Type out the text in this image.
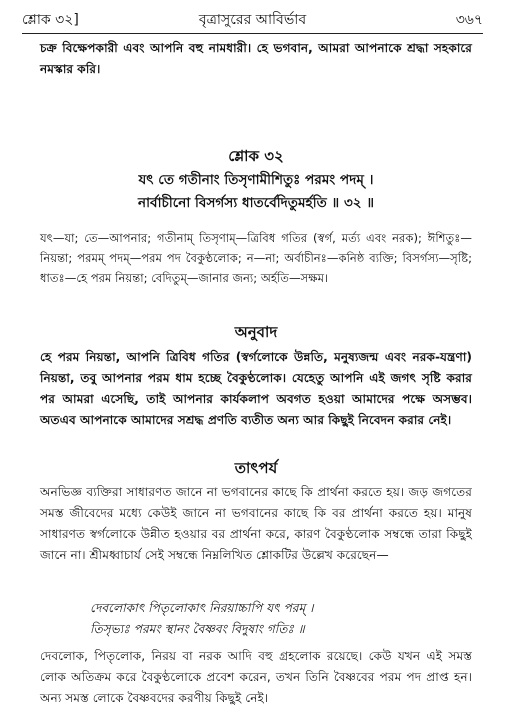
শ্লোক ৩২]	বৃত্রাসুরের আবির্ভাব	৩৬৭
চক্র বিক্ষেপকারী এবং আপনি বহু নামধারী। হে ভগবান, আমরা আপনাকে শ্রদ্ধা সহকারে নমস্কার করি।
শ্লোক ৩২
যৎ তে গতীনাং তিসৃণামীশিতুঃ পরমং পদম্ ।
নার্বাচীনো বিসর্গস্য ধাতর্বেদিতুমর্হতি ॥ ৩২ ॥
যৎ—যা; তে—আপনার; গতীনাম্ তিসৃণাম্—ত্রিবিধ গতির (স্বর্গ, মর্ত্য এবং নরক); ঈশিতুঃ—নিয়ন্তা; পরমম্ পদম্—পরম পদ বৈকুণ্ঠলোক; ন—না; অর্বাচীনঃ—কনিষ্ঠ ব্যক্তি; বিসর্গস্য—সৃষ্টি; ধাতঃ—হে পরম নিয়ন্তা; বেদিতুম্—জানার জন্য; অর্হতি—সক্ষম।
অনুবাদ
হে পরম নিয়ন্তা, আপনি ত্রিবিধ গতির (স্বর্গলোকে উন্নতি, মনুষ্যজন্ম এবং নরক-যন্ত্রণা) নিয়ন্তা, তবু আপনার পরম ধাম হচ্ছে বৈকুণ্ঠলোক। যেহেতু আপনি এই জগৎ সৃষ্টি করার পর আমরা এসেছি, তাই আপনার কার্যকলাপ অবগত হওয়া আমাদের পক্ষে অসম্ভব। অতএব আপনাকে আমাদের সশ্রদ্ধ প্রণতি ব্যতীত অন্য আর কিছুই নিবেদন করার নেই।
তাৎপর্য
অনভিজ্ঞ ব্যক্তিরা সাধারণত জানে না ভগবানের কাছে কি প্রার্থনা করতে হয়। জড় জগতের সমস্ত জীবেদের মধ্যে কেউই জানে না ভগবানের কাছে কি বর প্রার্থনা করতে হয়। মানুষ সাধারণত স্বর্গলোকে উন্নীত হওয়ার বর প্রার্থনা করে, কারণ বৈকুণ্ঠলোক সম্বন্ধে তারা কিছুই জানে না। শ্রীমধ্বাচার্য সেই সম্বন্ধে নিম্নলিখিত শ্লোকটির উল্লেখ করেছেন—
দেবলোকাৎ পিতৃলোকাৎ নিরয়াচ্চাপি যৎ পরম্ ।
তিসৃভ্যঃ পরমং স্থানং বৈষ্ণবং বিদুষাং গতিঃ ॥
দেবলোক, পিতৃলোক, নিরয় বা নরক আদি বহু গ্রহলোক রয়েছে। কেউ যখন এই সমস্ত লোক অতিক্রম করে বৈকুণ্ঠলোকে প্রবেশ করেন, তখন তিনি বৈষ্ণবের পরম পদ প্রাপ্ত হন। অন্য সমস্ত লোকে বৈষ্ণবদের করণীয় কিছুই নেই।
